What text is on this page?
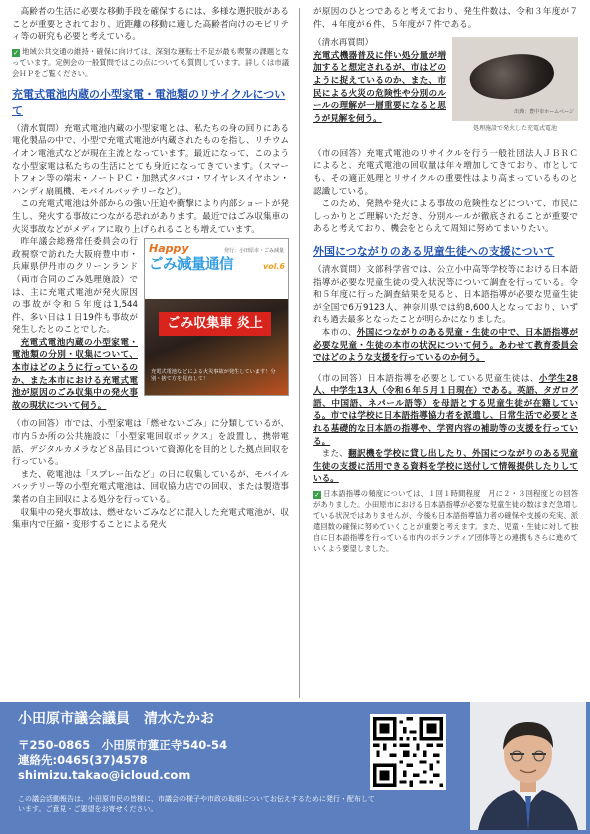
高齢者の生活に必要な移動手段を確保するには、多様な選択肢があることが重要とされており、近距離の移動に適した高齢者向けのモビリティ等の研究も必要と考えている。

✓ 地域公共交通の維持・確保に向けては、深刻な運転士不足が最も喫緊の課題となっています。定例会の一般質問ではこの点についても質問しています。詳しくは市議会ＨＰをご覧ください。

充電式電池内蔵の小型家電・電池類のリサイクルについて

（清水質問）充電式電池内蔵の小型家電とは、私たちの身の回りにある電化製品の中で、小型で充電式電池が内蔵されたものを指し、リチウムイオン電池式などが現在主流となっています。最近になって、このような小型家電は私たちの生活にとても身近になってきています。（スマートフォン等の端末・ノートＰＣ・加熱式タバコ・ワイヤレスイヤホン・ハンディ扇風機、モバイルバッテリーなど）。

この充電式電池は外部からの強い圧迫や衝撃により内部ショートが発生し、発火する事故につながる恐れがあります。最近ではごみ収集車の火災事故などがメディアに取り上げられることも増えています。

Happy	発行：小田原市・ごみ減量
ごみ減量通信	vol.6
ごみ収集車 炎上
充電式電池などによる火災事故が発生しています！分別・捨て方を見直して！

昨年議会総務常任委員会の行政視察で訪れた大阪府豊中市・兵庫県伊丹市のクリーンランド（両市合同のごみ処理施設）では、主に充電式電池が発火原因の事故が令和５年度は1,544件、多い日は１日19件も事故が発生したとのことでした。

充電式電池内蔵の小型家電・電池類の分別・収集について、本市はどのように行っているのか、また本市における充電式電池が原因のごみ収集中の発火事故の現状について伺う。

（市の回答）市では、小型家電は「燃せないごみ」に分類しているが、市内５か所の公共施設に「小型家電回収ボックス」を設置し、携帯電話、デジタルカメラなど８品目について資源化を目的とした拠点回収を行っている。

また、乾電池は「スプレー缶など」の日に収集しているが、モバイルバッテリー等の小型充電式電池は、回収協力店での回収、または製造事業者の自主回収による処分を行っている。

収集中の発火事故は、燃せないごみなどに混入した充電式電池が、収集車内で圧縮・変形することによる発火

が原因のひとつであると考えており、発生件数は、令和３年度が７件、４年度が６件、５年度が７件である。

出典：豊中市ホームページ
処理施設で発火した充電式電池

（清水再質問）
充電式機器普及に伴い処分量が増加すると想定されるが、市はどのように捉えているのか、また、市民による火災の危険性や分別のルールの理解が一層重要になると思うが見解を伺う。

（市の回答）充電式電池のリサイクルを行う一般社団法人ＪＢＲＣによると、充電式電池の回収量は年々増加してきており、市としても、その適正処理とリサイクルの重要性はより高まっているものと認識している。

このため、発熱や発火による事故の危険性などについて、市民にしっかりとご理解いただき、分別ルールが徹底されることが重要であると考えており、機会をとらえて周知に努めてまいりたい。

外国につながりのある児童生徒への支援について

（清水質問）文部科学省では、公立小中高等学校等における日本語指導が必要な児童生徒の受入状況等について調査を行っている。令和５年度に行った調査結果を見ると、日本語指導が必要な児童生徒が全国で6万9123人、神奈川県では約8,600人となっており、いずれも過去最多となったことが明らかになりました。

本市の、外国につながりのある児童・生徒の中で、日本語指導が必要な児童・生徒の本市の状況について伺う。あわせて教育委員会ではどのような支援を行っているのか伺う。

（市の回答）日本語指導を必要としている児童生徒は、小学生28人、中学生13人（令和６年５月１日現在）である。英語、タガログ語、中国語、ネパール語等）を母語とする児童生徒が在籍している。市では学校に日本語指導協力者を派遣し、日常生活で必要とされる基礎的な日本語の指導や、学習内容の補助等の支援を行っている。

また、翻訳機を学校に貸し出したり、外国につながりのある児童生徒の支援に活用できる資料を学校に送付して情報提供したりしている。

✓ 日本語指導の頻度については、１回１時間程度　月に２・３回程度との回答がありました。小田原市における日本語指導が必要な児童生徒の数はまだ急増している状況ではありませんが、今後も日本語指導協力者の確保や支援の充実、派遣回数の確保に努めていくことが重要と考えます。また、児童・生徒に対して独自に日本語指導を行っている市内のボランティア団体等との連携もさらに進めていくよう要望しました。

小田原市議会議員　清水たかお
〒250-0865　小田原市蓮正寺540-54
連絡先:0465(37)4578
shimizu.takao@icloud.com
この議会活動報告は、小田原市民の皆様に、市議会の様子や市政の取組についてお伝えするために発行・配布しています。ご意見・ご要望をお寄せください。
